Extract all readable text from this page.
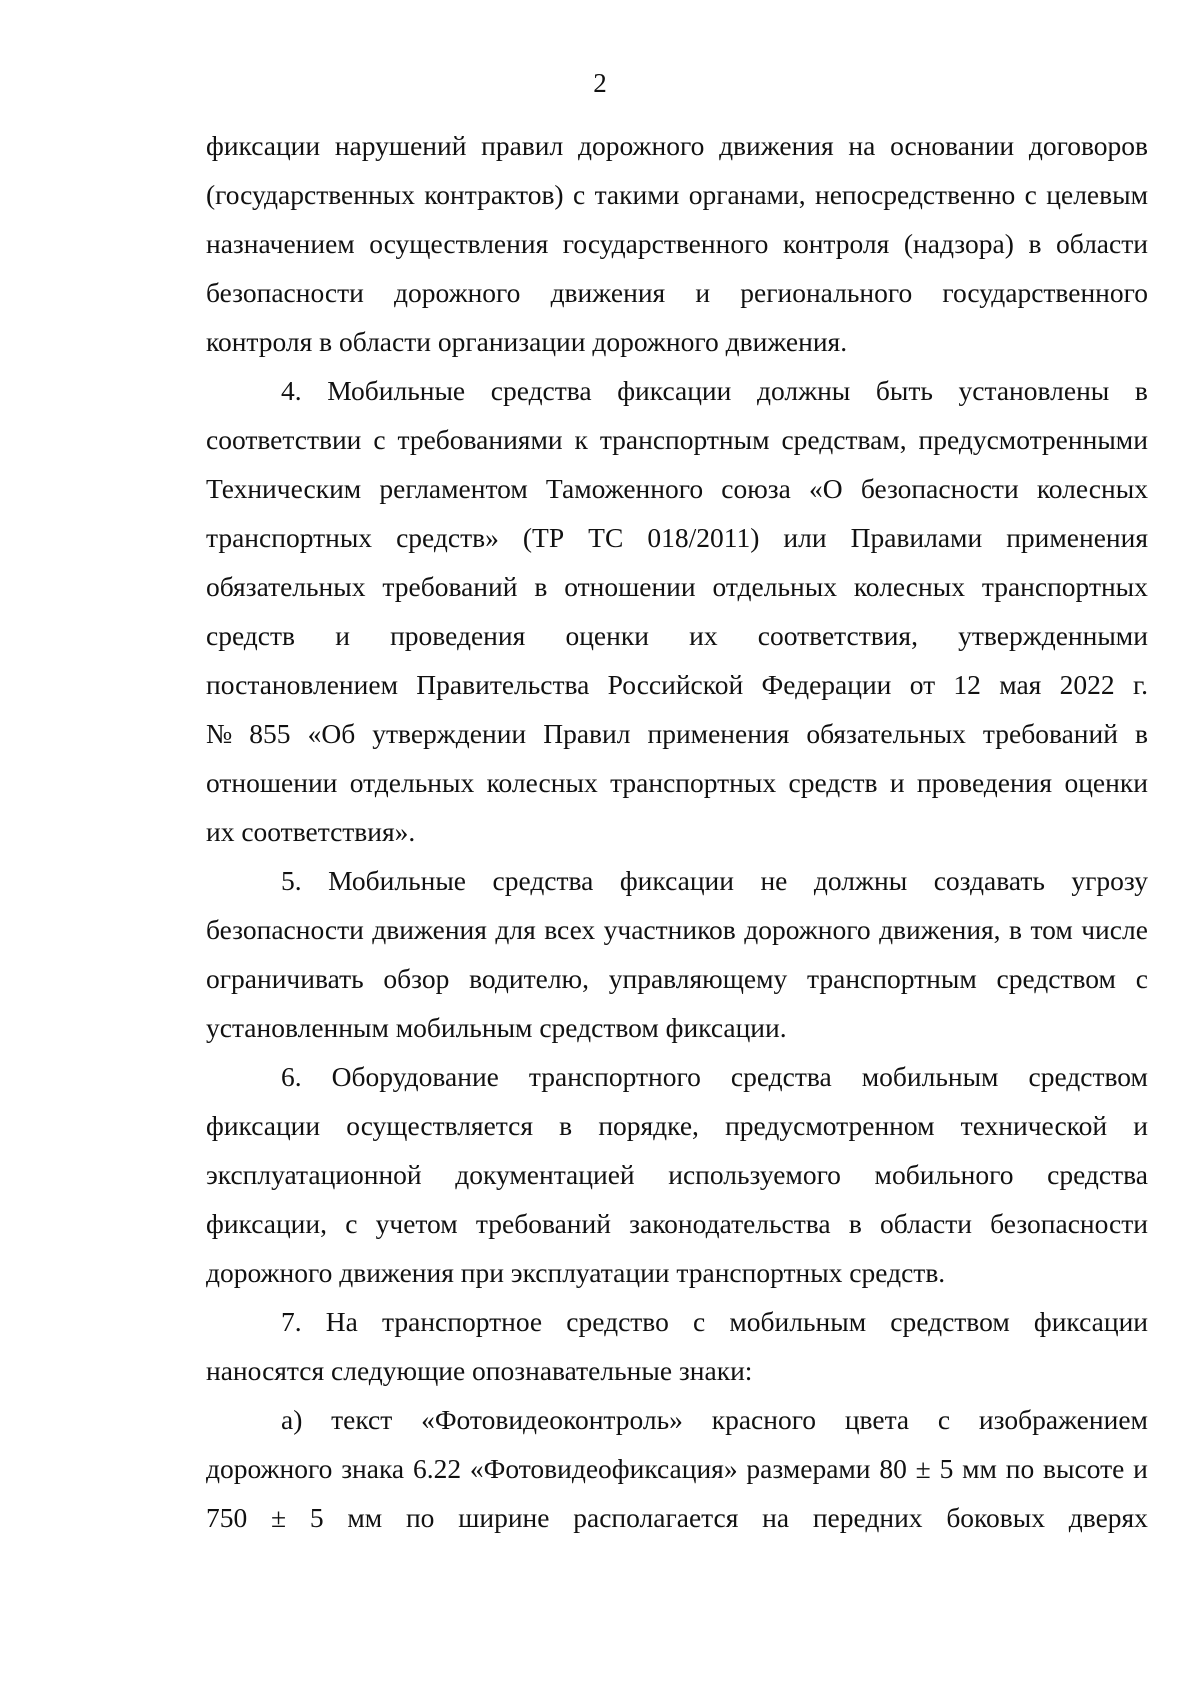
2
фиксации нарушений правил дорожного движения на основании договоров
(государственных контрактов) с такими органами, непосредственно с целевым
назначением осуществления государственного контроля (надзора) в области
безопасности дорожного движения и регионального государственного
контроля в области организации дорожного движения.
4. Мобильные средства фиксации должны быть установлены в
соответствии с требованиями к транспортным средствам, предусмотренными
Техническим регламентом Таможенного союза «О безопасности колесных
транспортных средств» (ТР ТС 018/2011) или Правилами применения
обязательных требований в отношении отдельных колесных транспортных
средств и проведения оценки их соответствия, утвержденными
постановлением Правительства Российской Федерации от 12 мая 2022 г.
№ 855 «Об утверждении Правил применения обязательных требований в
отношении отдельных колесных транспортных средств и проведения оценки
их соответствия».
5. Мобильные средства фиксации не должны создавать угрозу
безопасности движения для всех участников дорожного движения, в том числе
ограничивать обзор водителю, управляющему транспортным средством с
установленным мобильным средством фиксации.
6. Оборудование транспортного средства мобильным средством
фиксации осуществляется в порядке, предусмотренном технической и
эксплуатационной документацией используемого мобильного средства
фиксации, с учетом требований законодательства в области безопасности
дорожного движения при эксплуатации транспортных средств.
7. На транспортное средство с мобильным средством фиксации
наносятся следующие опознавательные знаки:
а) текст «Фотовидеоконтроль» красного цвета с изображением
дорожного знака 6.22 «Фотовидеофиксация» размерами 80 ± 5 мм по высоте и
750 ± 5 мм по ширине располагается на передних боковых дверях
